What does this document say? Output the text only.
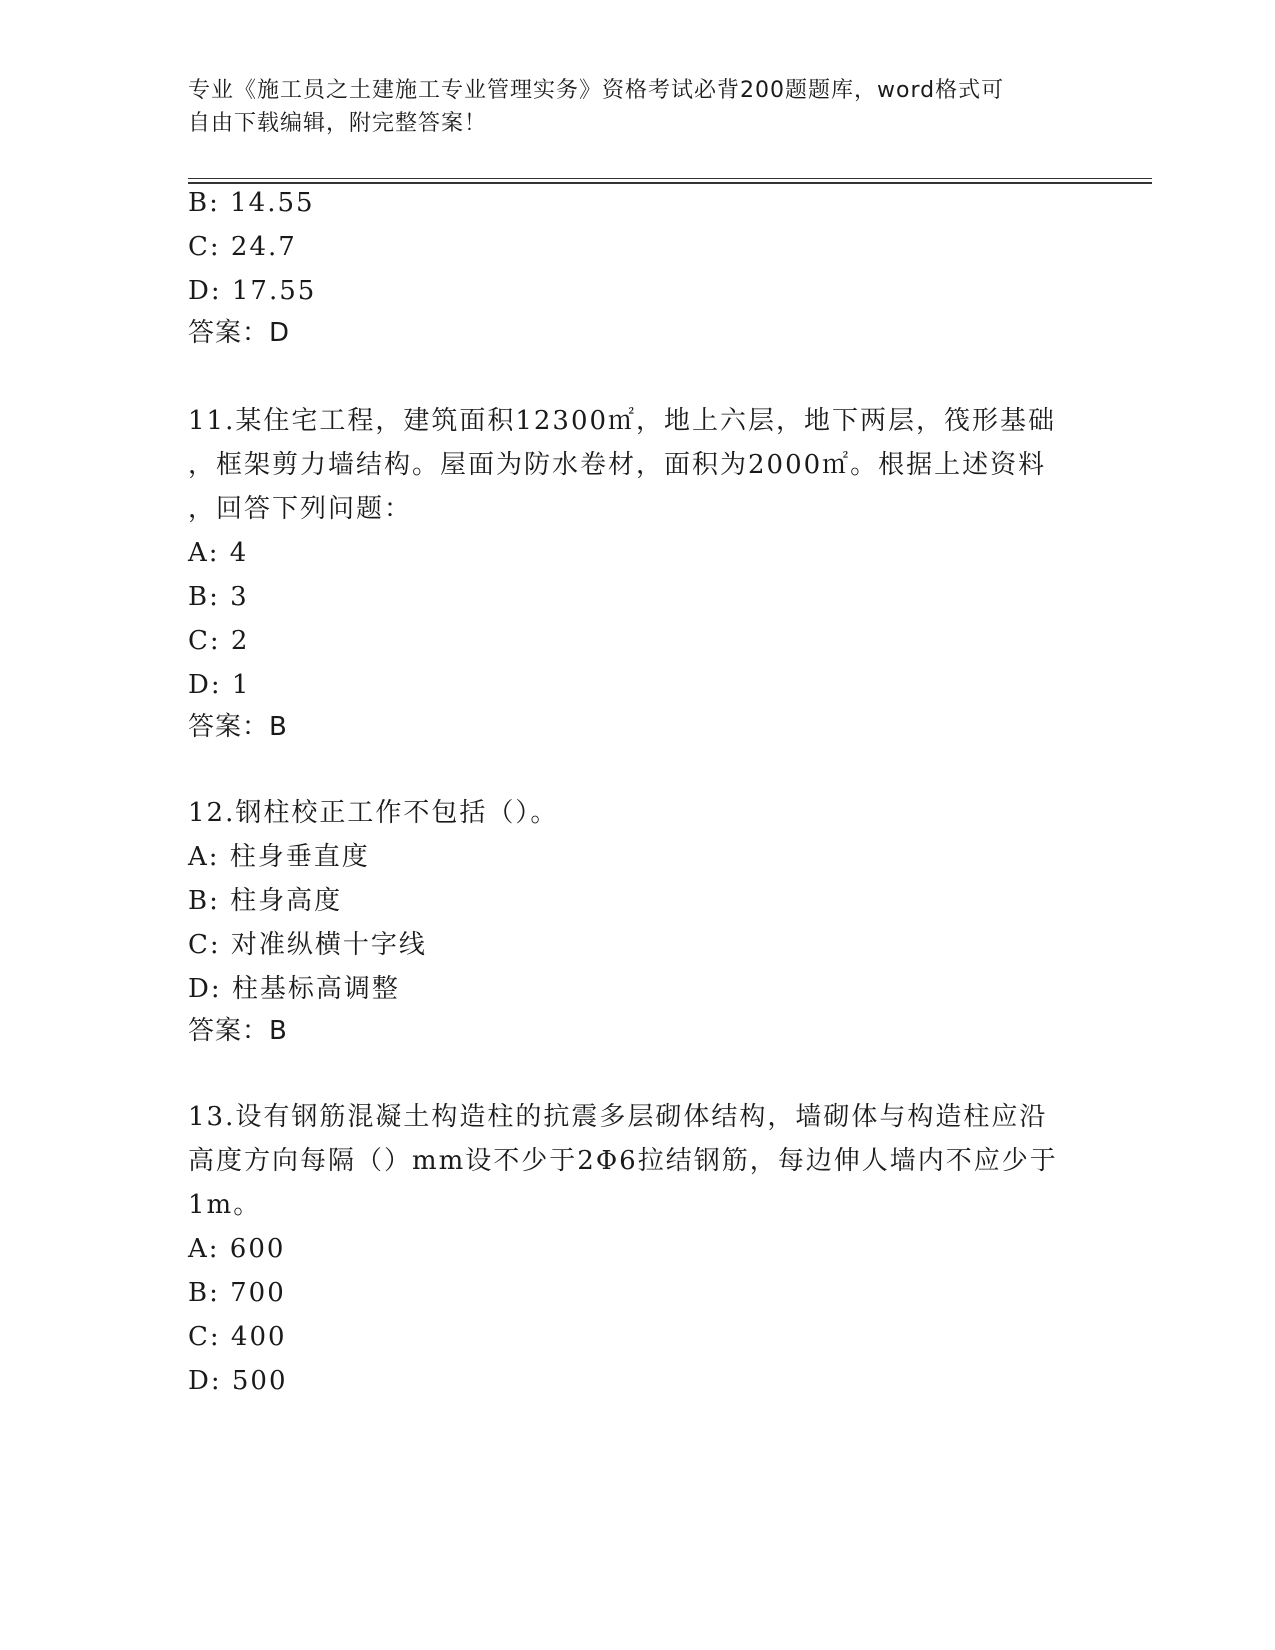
专业《施工员之土建施工专业管理实务》资格考试必背200题题库，word格式可
自由下载编辑，附完整答案！
B: 14.55
C: 24.7
D: 17.55
答案：D
11.某住宅工程，建筑面积12300㎡，地上六层，地下两层，筏形基础
，框架剪力墙结构。屋面为防水卷材，面积为2000㎡。根据上述资料
，回答下列问题：
A: 4
B: 3
C: 2
D: 1
答案：B
12.钢柱校正工作不包括（）。
A: 柱身垂直度
B: 柱身高度
C: 对准纵横十字线
D: 柱基标高调整
答案：B
13.设有钢筋混凝土构造柱的抗震多层砌体结构，墙砌体与构造柱应沿
高度方向每隔（）mm设不少于2Φ6拉结钢筋，每边伸人墙内不应少于
1m。
A: 600
B: 700
C: 400
D: 500
